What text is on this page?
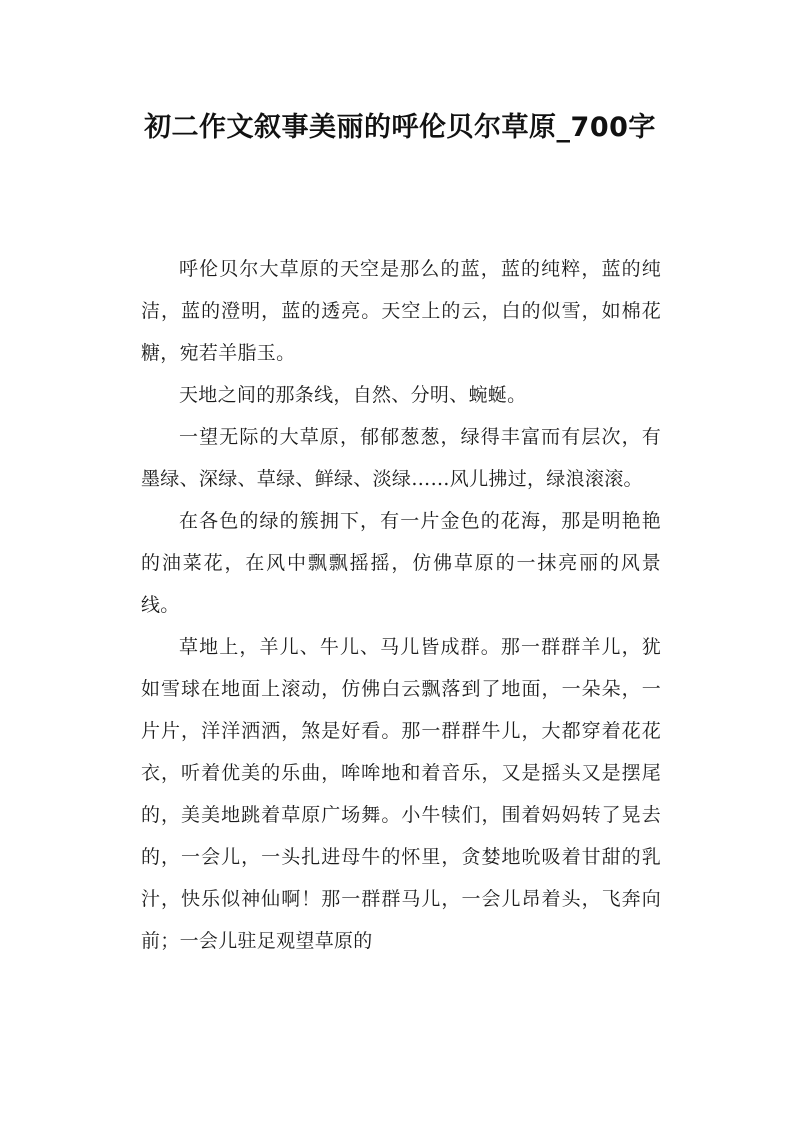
初二作文叙事美丽的呼伦贝尔草原_700字

呼伦贝尔大草原的天空是那么的蓝，蓝的纯粹，蓝的纯洁，蓝的澄明，蓝的透亮。天空上的云，白的似雪，如棉花糖，宛若羊脂玉。

天地之间的那条线，自然、分明、蜿蜒。

一望无际的大草原，郁郁葱葱，绿得丰富而有层次，有墨绿、深绿、草绿、鲜绿、淡绿……风儿拂过，绿浪滚滚。

在各色的绿的簇拥下，有一片金色的花海，那是明艳艳的油菜花，在风中飘飘摇摇，仿佛草原的一抹亮丽的风景线。

草地上，羊儿、牛儿、马儿皆成群。那一群群羊儿，犹如雪球在地面上滚动，仿佛白云飘落到了地面，一朵朵，一片片，洋洋洒洒，煞是好看。那一群群牛儿，大都穿着花花衣，听着优美的乐曲，哞哞地和着音乐，又是摇头又是摆尾的，美美地跳着草原广场舞。小牛犊们，围着妈妈转了晃去的，一会儿，一头扎进母牛的怀里，贪婪地吮吸着甘甜的乳汁，快乐似神仙啊！那一群群马儿，一会儿昂着头，飞奔向前；一会儿驻足观望草原的
